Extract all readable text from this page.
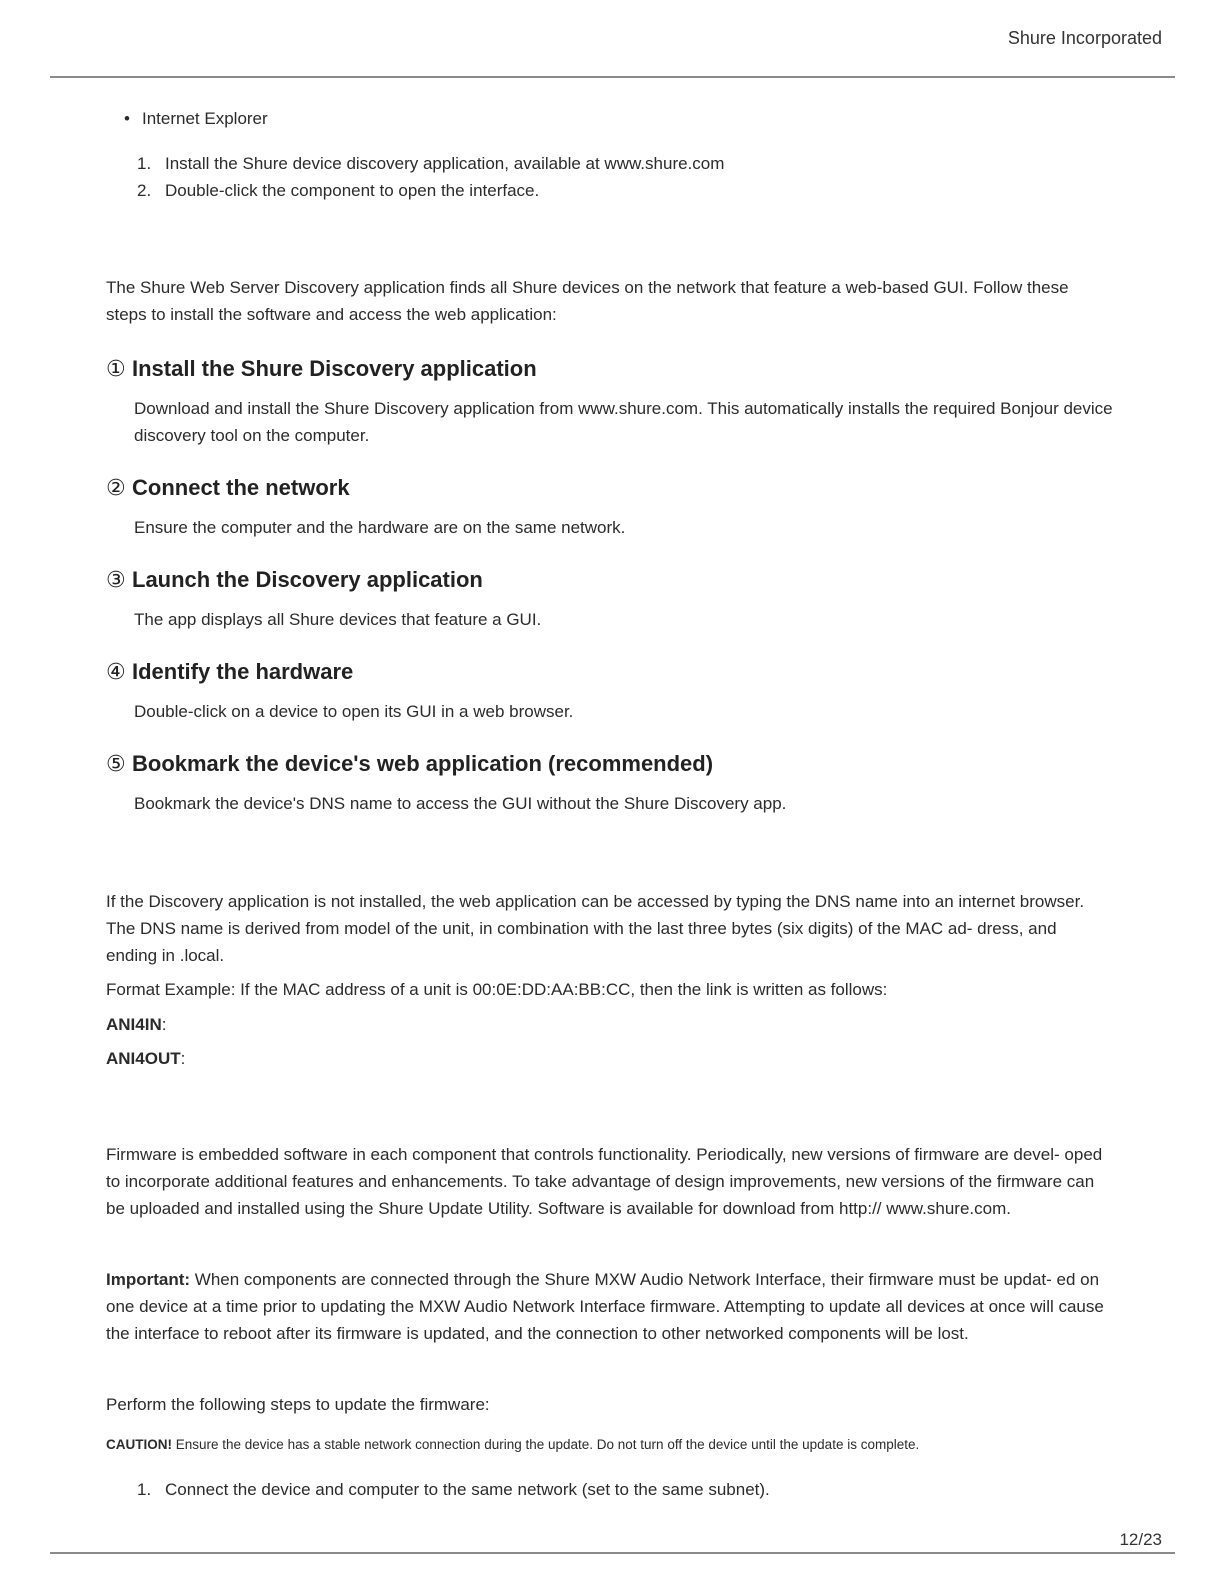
Shure Incorporated
• Internet Explorer
1. Install the Shure device discovery application, available at www.shure.com
2. Double-click the component to open the interface.

The Shure Web Server Discovery application finds all Shure devices on the network that feature a web-based GUI. Follow these steps to install the software and access the web application:

① Install the Shure Discovery application

Download and install the Shure Discovery application from www.shure.com. This automatically installs the required Bonjour device discovery tool on the computer.

② Connect the network

Ensure the computer and the hardware are on the same network.

③ Launch the Discovery application

The app displays all Shure devices that feature a GUI.

④ Identify the hardware

Double-click on a device to open its GUI in a web browser.

⑤ Bookmark the device's web application (recommended)

Bookmark the device's DNS name to access the GUI without the Shure Discovery app.

If the Discovery application is not installed, the web application can be accessed by typing the DNS name into an internet browser. The DNS name is derived from model of the unit, in combination with the last three bytes (six digits) of the MAC ad- dress, and ending in .local.

Format Example: If the MAC address of a unit is 00:0E:DD:AA:BB:CC, then the link is written as follows:

ANI4IN:

ANI4OUT:

Firmware is embedded software in each component that controls functionality. Periodically, new versions of firmware are devel- oped to incorporate additional features and enhancements. To take advantage of design improvements, new versions of the firmware can be uploaded and installed using the Shure Update Utility. Software is available for download from http:// www.shure.com.

Important: When components are connected through the Shure MXW Audio Network Interface, their firmware must be updat- ed on one device at a time prior to updating the MXW Audio Network Interface firmware. Attempting to update all devices at once will cause the interface to reboot after its firmware is updated, and the connection to other networked components will be lost.

Perform the following steps to update the firmware:

CAUTION! Ensure the device has a stable network connection during the update. Do not turn off the device until the update is complete.

1. Connect the device and computer to the same network (set to the same subnet).
12/23
